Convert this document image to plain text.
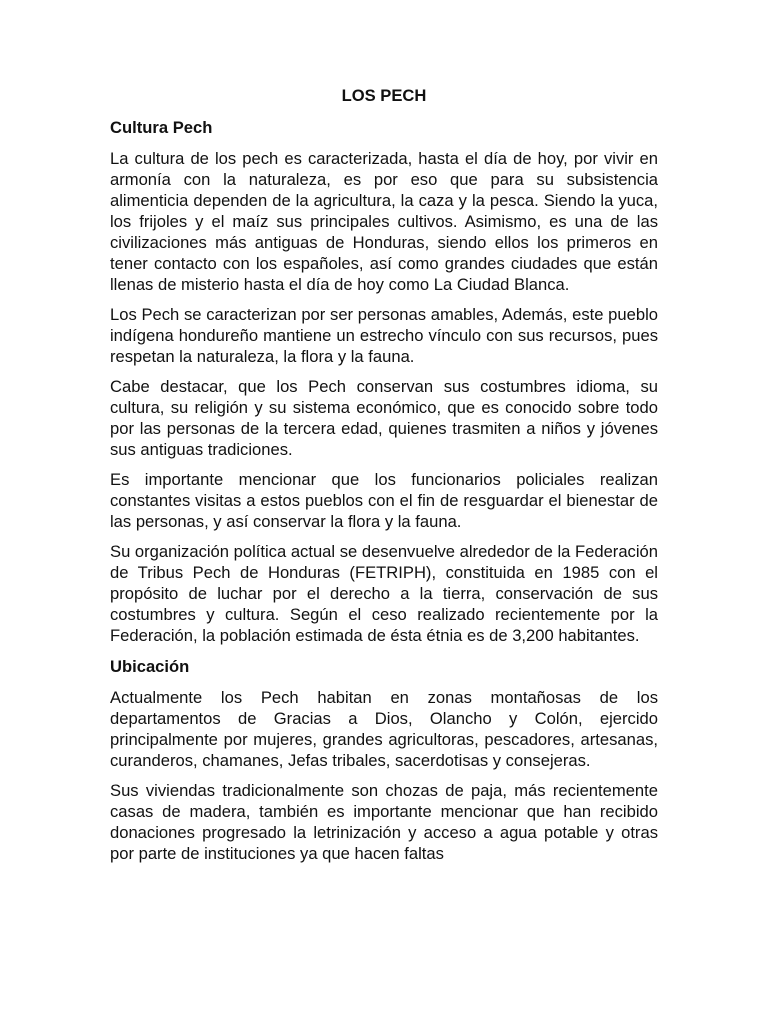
LOS PECH
Cultura Pech
La cultura de los pech es caracterizada, hasta el día de hoy, por vivir en armonía con la naturaleza, es por eso que para su subsistencia alimenticia dependen de la agricultura, la caza y la pesca. Siendo la yuca, los frijoles y el maíz sus principales cultivos. Asimismo, es una de las civilizaciones más antiguas de Honduras, siendo ellos los primeros en tener contacto con los españoles, así como grandes ciudades que están llenas de misterio hasta el día de hoy como La Ciudad Blanca.
Los Pech se caracterizan por ser personas amables, Además, este pueblo indígena hondureño mantiene un estrecho vínculo con sus recursos, pues respetan la naturaleza, la flora y la fauna.
Cabe destacar, que los Pech conservan sus costumbres idioma, su cultura, su religión y su sistema económico, que es conocido sobre todo por las personas de la tercera edad, quienes trasmiten a niños y jóvenes sus antiguas tradiciones.
Es importante mencionar que los funcionarios policiales realizan constantes visitas a estos pueblos con el fin de resguardar el bienestar de las personas, y así conservar la flora y la fauna.
Su organización política actual se desenvuelve alrededor de la Federación de Tribus Pech de Honduras (FETRIPH), constituida en 1985 con el propósito de luchar por el derecho a la tierra, conservación de sus costumbres y cultura. Según el ceso realizado recientemente por la Federación, la población estimada de ésta étnia es de 3,200 habitantes.
Ubicación
Actualmente los Pech habitan en zonas montañosas de los departamentos de Gracias a Dios, Olancho y Colón, ejercido principalmente por mujeres, grandes agricultoras, pescadores, artesanas, curanderos, chamanes, Jefas tribales, sacerdotisas y consejeras.
Sus viviendas tradicionalmente son chozas de paja, más recientemente casas de madera, también es importante mencionar que han recibido donaciones progresado la letrinización y acceso a agua potable y otras por parte de instituciones ya que hacen faltas
